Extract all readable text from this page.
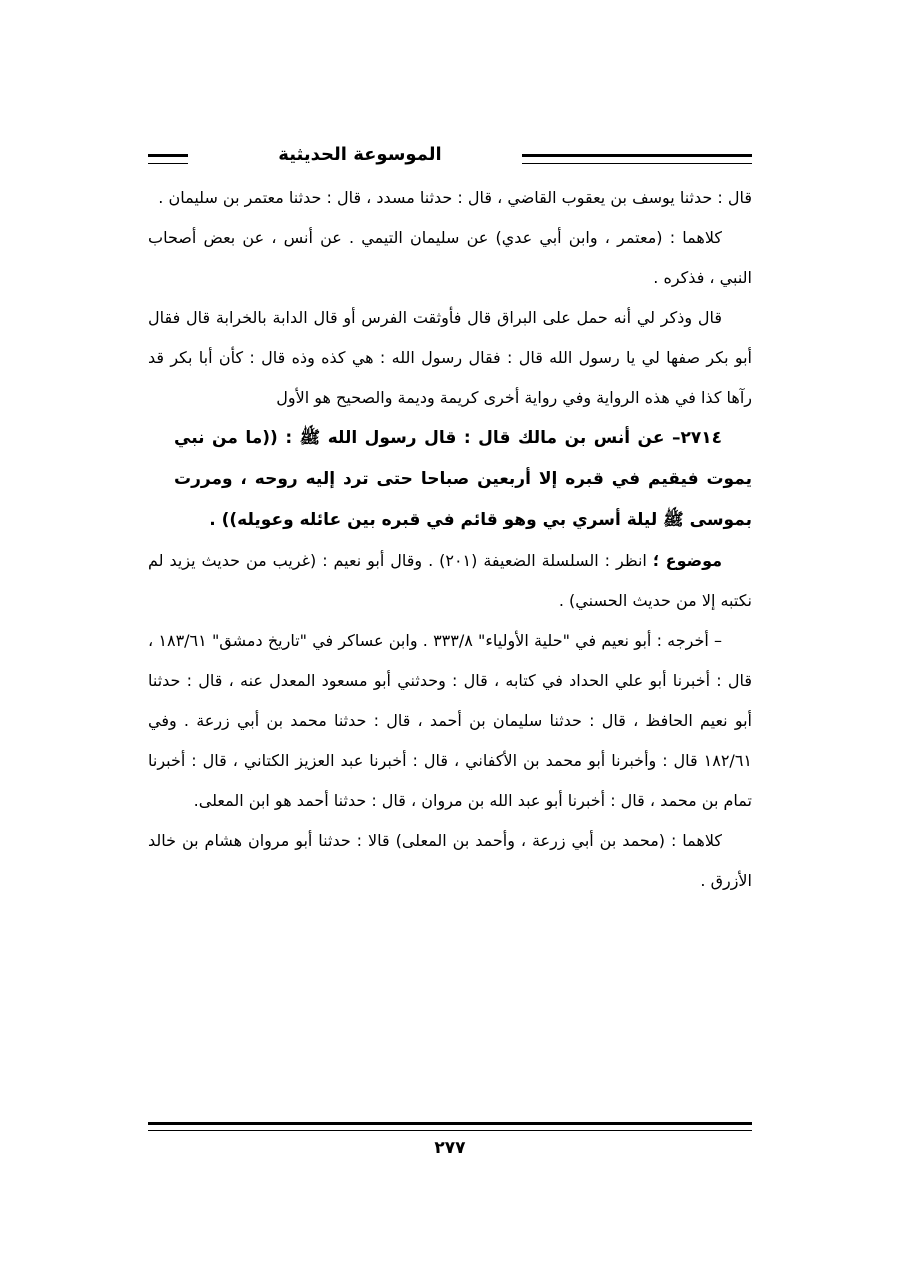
الموسوعة الحديثية

قال : حدثنا يوسف بن يعقوب القاضي ، قال : حدثنا مسدد ، قال : حدثنا معتمر بن سليمان .

كلاهما : (معتمر ، وابن أبي عدي) عن سليمان التيمي . عن أنس ، عن بعض أصحاب النبي ، فذكره .

قال وذكر لي أنه حمل على البراق قال فأوثقت الفرس أو قال الدابة بالخرابة قال فقال أبو بكر صفها لي يا رسول الله قال : فقال رسول الله : هي كذه وذه قال : كأن أبا بكر قد رآها كذا في هذه الرواية وفي رواية أخرى كريمة وديمة والصحيح هو الأول

٢٧١٤– عن أنس بن مالك قال : قال رسول الله ﷺ : ((ما من نبي يموت فيقيم في قبره إلا أربعين صباحا حتى ترد إليه روحه ، ومررت بموسى ﷺ ليلة أسري بي وهو قائم في قبره بين عائله وعويله)) .

موضوع ؛ انظر : السلسلة الضعيفة (٢٠١) . وقال أبو نعيم : (غريب من حديث يزيد لم نكتبه إلا من حديث الحسني) .

– أخرجه : أبو نعيم في "حلية الأولياء" ٣٣٣/٨ . وابن عساكر في "تاريخ دمشق" ١٨٣/٦١ ، قال : أخبرنا أبو علي الحداد في كتابه ، قال : وحدثني أبو مسعود المعدل عنه ، قال : حدثنا أبو نعيم الحافظ ، قال : حدثنا سليمان بن أحمد ، قال : حدثنا محمد بن أبي زرعة . وفي ١٨٢/٦١ قال : وأخبرنا أبو محمد بن الأكفاني ، قال : أخبرنا عبد العزيز الكتاني ، قال : أخبرنا تمام بن محمد ، قال : أخبرنا أبو عبد الله بن مروان ، قال : حدثنا أحمد هو ابن المعلى.

كلاهما : (محمد بن أبي زرعة ، وأحمد بن المعلى) قالا : حدثنا أبو مروان هشام بن خالد الأزرق .

٢٧٧
